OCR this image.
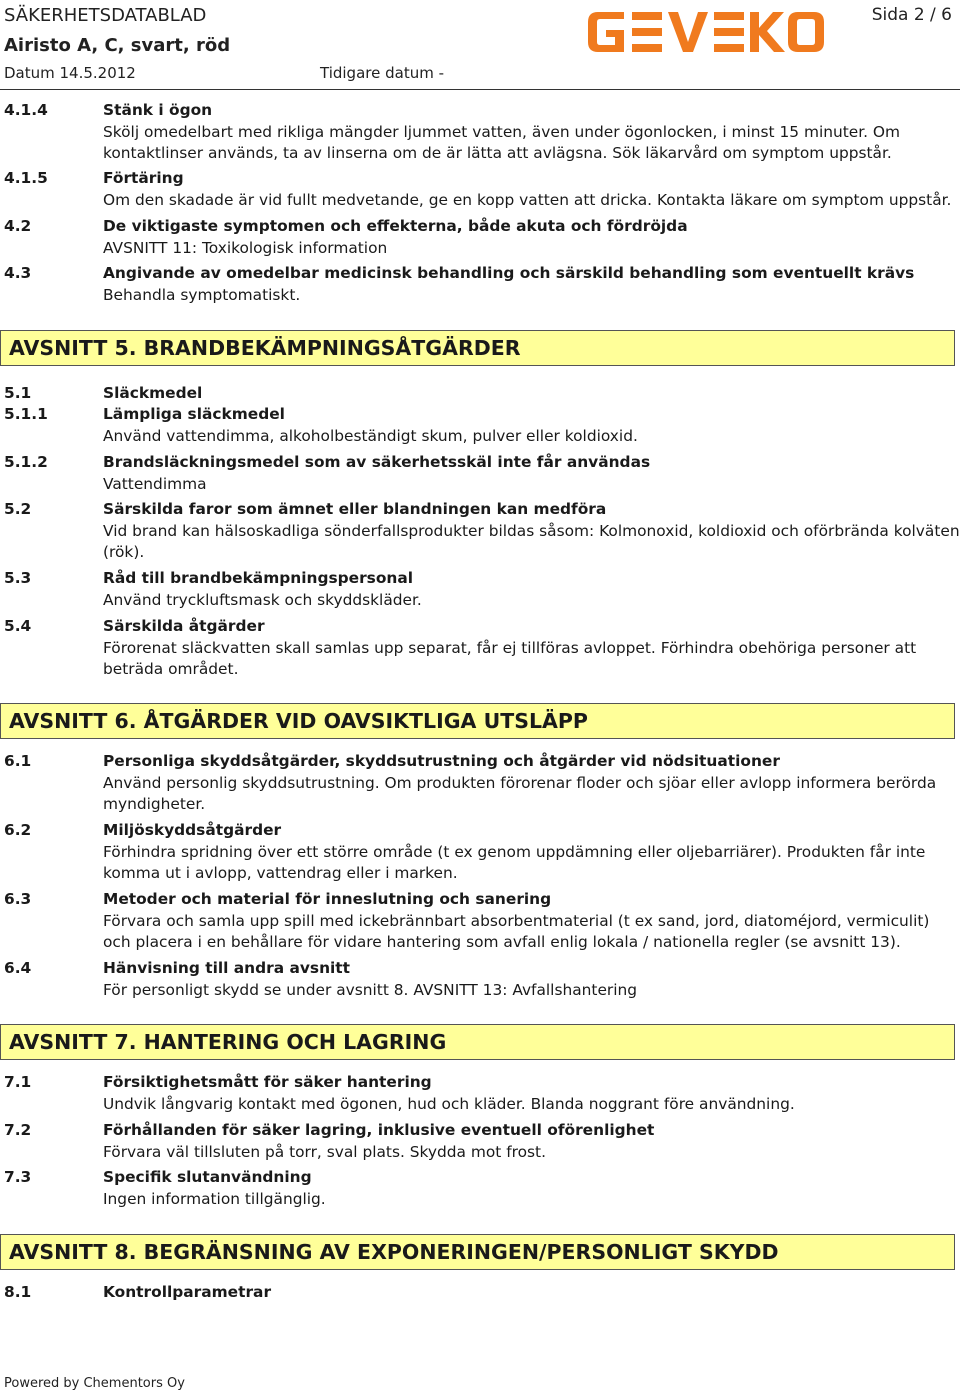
SÄKERHETSDATABLAD
Airisto A, C, svart, röd
Datum 14.5.2012	Tidigare datum -
Sida 2 / 6
4.1.4	Stänk i ögon
Skölj omedelbart med rikliga mängder ljummet vatten, även under ögonlocken, i minst 15 minuter. Om kontaktlinser används, ta av linserna om de är lätta att avlägsna. Sök läkarvård om symptom uppstår.
4.1.5	Förtäring
Om den skadade är vid fullt medvetande, ge en kopp vatten att dricka. Kontakta läkare om symptom uppstår.
4.2	De viktigaste symptomen och effekterna, både akuta och fördröjda
AVSNITT 11: Toxikologisk information
4.3	Angivande av omedelbar medicinsk behandling och särskild behandling som eventuellt krävs
Behandla symptomatiskt.
AVSNITT 5. BRANDBEKÄMPNINGSÅTGÄRDER
5.1	Släckmedel
5.1.1	Lämpliga släckmedel
Använd vattendimma, alkoholbeständigt skum, pulver eller koldioxid.
5.1.2	Brandsläckningsmedel som av säkerhetsskäl inte får användas
Vattendimma
5.2	Särskilda faror som ämnet eller blandningen kan medföra
Vid brand kan hälsoskadliga sönderfallsprodukter bildas såsom: Kolmonoxid, koldioxid och oförbrända kolväten (rök).
5.3	Råd till brandbekämpningspersonal
Använd tryckluftsmask och skyddskläder.
5.4	Särskilda åtgärder
Förorenat släckvatten skall samlas upp separat, får ej tillföras avloppet. Förhindra obehöriga personer att beträda området.
AVSNITT 6. ÅTGÄRDER VID OAVSIKTLIGA UTSLÄPP
6.1	Personliga skyddsåtgärder, skyddsutrustning och åtgärder vid nödsituationer
Använd personlig skyddsutrustning. Om produkten förorenar floder och sjöar eller avlopp informera berörda myndigheter.
6.2	Miljöskyddsåtgärder
Förhindra spridning över ett större område (t ex genom uppdämning eller oljebarriärer). Produkten får inte komma ut i avlopp, vattendrag eller i marken.
6.3	Metoder och material för inneslutning och sanering
Förvara och samla upp spill med ickebrännbart absorbentmaterial (t ex sand, jord, diatoméjord, vermiculit) och placera i en behållare för vidare hantering som avfall enlig lokala / nationella regler (se avsnitt 13).
6.4	Hänvisning till andra avsnitt
För personligt skydd se under avsnitt 8. AVSNITT 13: Avfallshantering
AVSNITT 7. HANTERING OCH LAGRING
7.1	Försiktighetsmått för säker hantering
Undvik långvarig kontakt med ögonen, hud och kläder. Blanda noggrant före användning.
7.2	Förhållanden för säker lagring, inklusive eventuell oförenlighet
Förvara väl tillsluten på torr, sval plats. Skydda mot frost.
7.3	Specifik slutanvändning
Ingen information tillgänglig.
AVSNITT 8. BEGRÄNSNING AV EXPONERINGEN/PERSONLIGT SKYDD
8.1	Kontrollparametrar
Powered by Chementors Oy
